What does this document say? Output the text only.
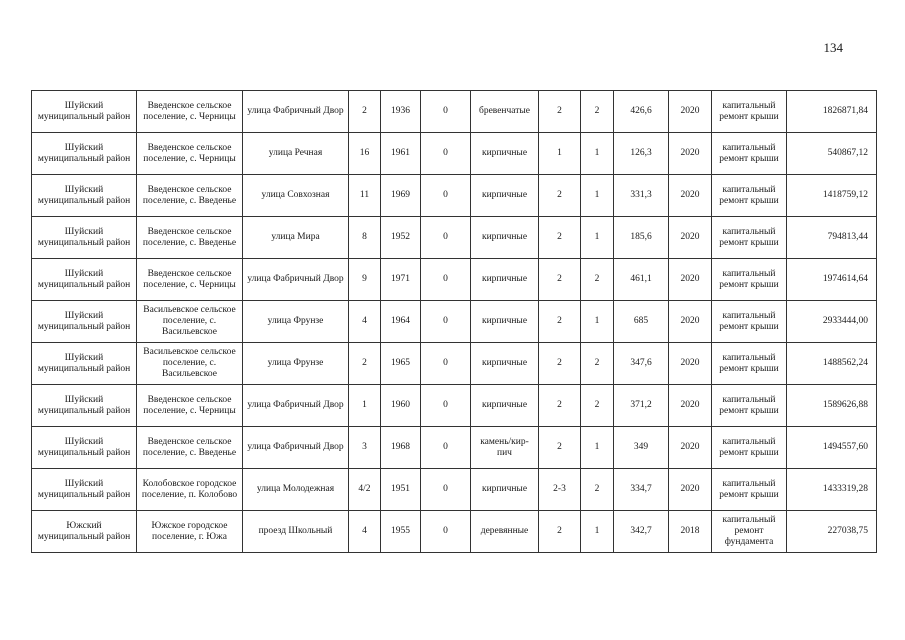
134
Шуйский муниципальный район	Введенское сельское поселение, с. Черницы	улица Фабричный Двор	2	1936	0	бревенчатые	2	2	426,6	2020	капитальный ремонт крыши	1826871,84
Шуйский муниципальный район	Введенское сельское поселение, с. Черницы	улица Речная	16	1961	0	кирпичные	1	1	126,3	2020	капитальный ремонт крыши	540867,12
Шуйский муниципальный район	Введенское сельское поселение, с. Введенье	улица Совхозная	11	1969	0	кирпичные	2	1	331,3	2020	капитальный ремонт крыши	1418759,12
Шуйский муниципальный район	Введенское сельское поселение, с. Введенье	улица Мира	8	1952	0	кирпичные	2	1	185,6	2020	капитальный ремонт крыши	794813,44
Шуйский муниципальный район	Введенское сельское поселение, с. Черницы	улица Фабричный Двор	9	1971	0	кирпичные	2	2	461,1	2020	капитальный ремонт крыши	1974614,64
Шуйский муниципальный район	Васильевское сельское поселение, с. Васильевское	улица Фрунзе	4	1964	0	кирпичные	2	1	685	2020	капитальный ремонт крыши	2933444,00
Шуйский муниципальный район	Васильевское сельское поселение, с. Васильевское	улица Фрунзе	2	1965	0	кирпичные	2	2	347,6	2020	капитальный ремонт крыши	1488562,24
Шуйский муниципальный район	Введенское сельское поселение, с. Черницы	улица Фабричный Двор	1	1960	0	кирпичные	2	2	371,2	2020	капитальный ремонт крыши	1589626,88
Шуйский муниципальный район	Введенское сельское поселение, с. Введенье	улица Фабричный Двор	3	1968	0	камень/кир-пич	2	1	349	2020	капитальный ремонт крыши	1494557,60
Шуйский муниципальный район	Колобовское городское поселение, п. Колобово	улица Молодежная	4/2	1951	0	кирпичные	2-3	2	334,7	2020	капитальный ремонт крыши	1433319,28
Южский муниципальный район	Южское городское поселение, г. Южа	проезд Школьный	4	1955	0	деревянные	2	1	342,7	2018	капитальный ремонт фундамента	227038,75
